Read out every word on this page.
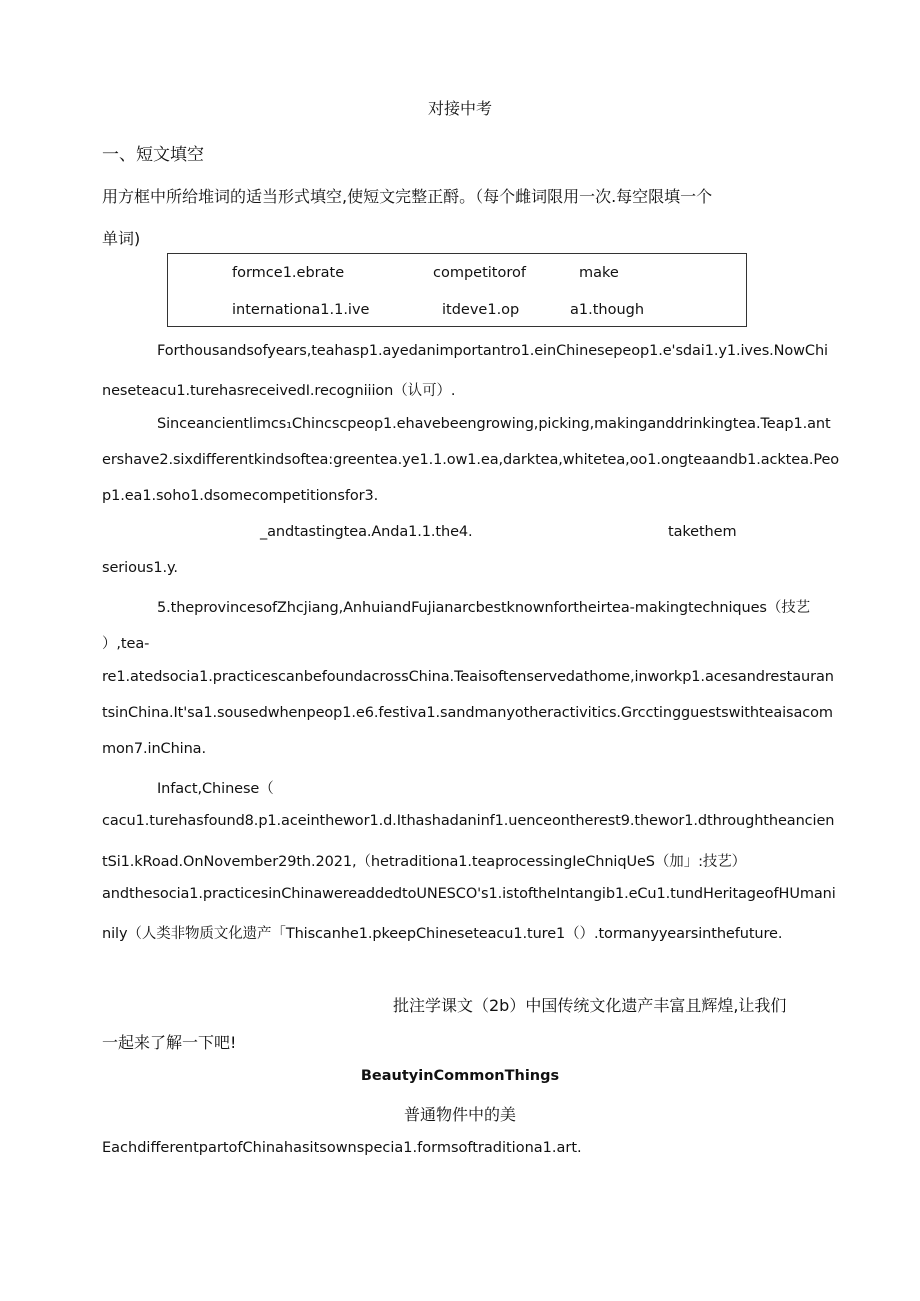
对接中考
一、短文填空
用方框中所给堆词的适当形式填空,使短文完整正酹。（每个雌词限用一次.每空限填一个
单词)
formce1.ebrate	competitorof	make
internationa1.1.ive	itdeve1.op	a1.though
Forthousandsofyears,teahasp1.ayedanimportantro1.einChinesepeop1.e'sdai1.y1.ives.NowChi
neseteacu1.turehasreceivedI.recogniiion（认可）.
Sinceancientlimcs₁Chincscpeop1.ehavebeengrowing,picking,makinganddrinkingtea.Teap1.ant
ershave2.sixdifferentkindsoftea:greentea.ye1.1.ow1.ea,darktea,whitetea,oo1.ongteaandb1.acktea.Peo
p1.ea1.soho1.dsomecompetitionsfor3.
_andtastingtea.Anda1.1.the4.	takethem
serious1.y.
5.theprovincesofZhcjiang,AnhuiandFujianarcbestknownfortheirtea-makingtechniques（技艺
）,tea-
re1.atedsocia1.practicescanbefoundacrossChina.Teaisoftenservedathome,inworkp1.acesandrestauran
tsinChina.It'sa1.sousedwhenpeop1.e6.festiva1.sandmanyotheractivitics.Grcctingguestswithteaisacom
mon7.inChina.
Infact,Chinese（
cacu1.turehasfound8.p1.aceinthewor1.d.Ithashadaninf1.uenceontherest9.thewor1.dthroughtheancien
tSi1.kRoad.OnNovember29th.2021,（hetraditiona1.teaprocessingIeChniqUeS（加」:技艺）
andthesocia1.practicesinChinawereaddedtoUNESCO's1.istoftheIntangib1.eCu1.tundHeritageofHUmani
nily（人类非物质文化遗产「Thiscanhe1.pkeepChineseteacu1.ture1（）.tormanyyearsinthefuture.
批注学课文（2b）中国传统文化遗产丰富且辉煌,让我们
一起来了解一下吧!
BeautyinCommonThings
普通物件中的美
EachdifferentpartofChinahasitsownspecia1.formsoftraditiona1.art.
